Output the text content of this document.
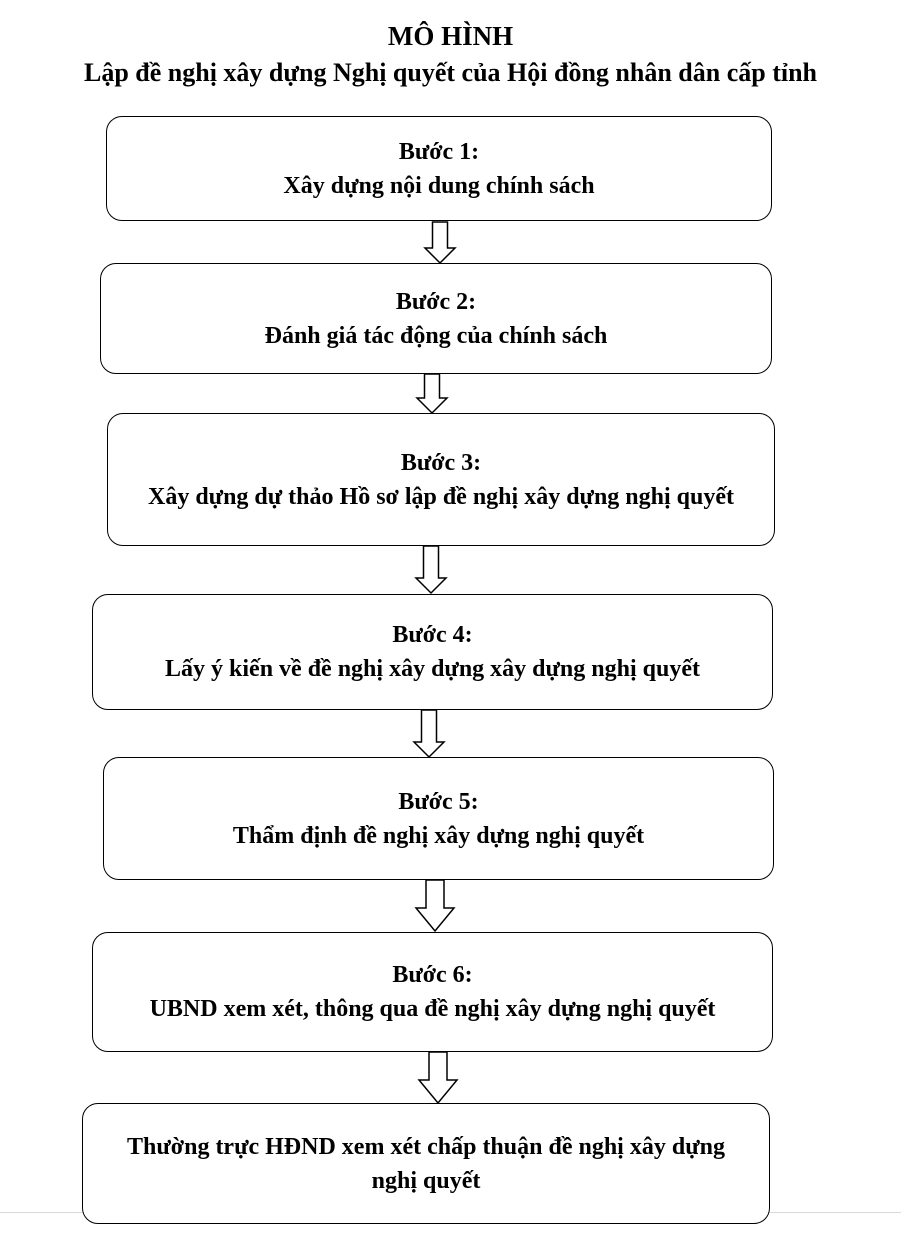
MÔ HÌNH
Lập đề nghị xây dựng Nghị quyết của Hội đồng nhân dân cấp tỉnh
Bước 1:
Xây dựng nội dung chính sách
Bước 2:
Đánh giá tác động của chính sách
Bước 3:
Xây dựng dự thảo Hồ sơ lập đề nghị xây dựng nghị quyết
Bước 4:
Lấy ý kiến về đề nghị xây dựng xây dựng nghị quyết
Bước 5:
Thẩm định đề nghị xây dựng nghị quyết
Bước 6:
UBND xem xét, thông qua đề nghị xây dựng nghị quyết
Thường trực HĐND xem xét chấp thuận đề nghị xây dựng nghị quyết
